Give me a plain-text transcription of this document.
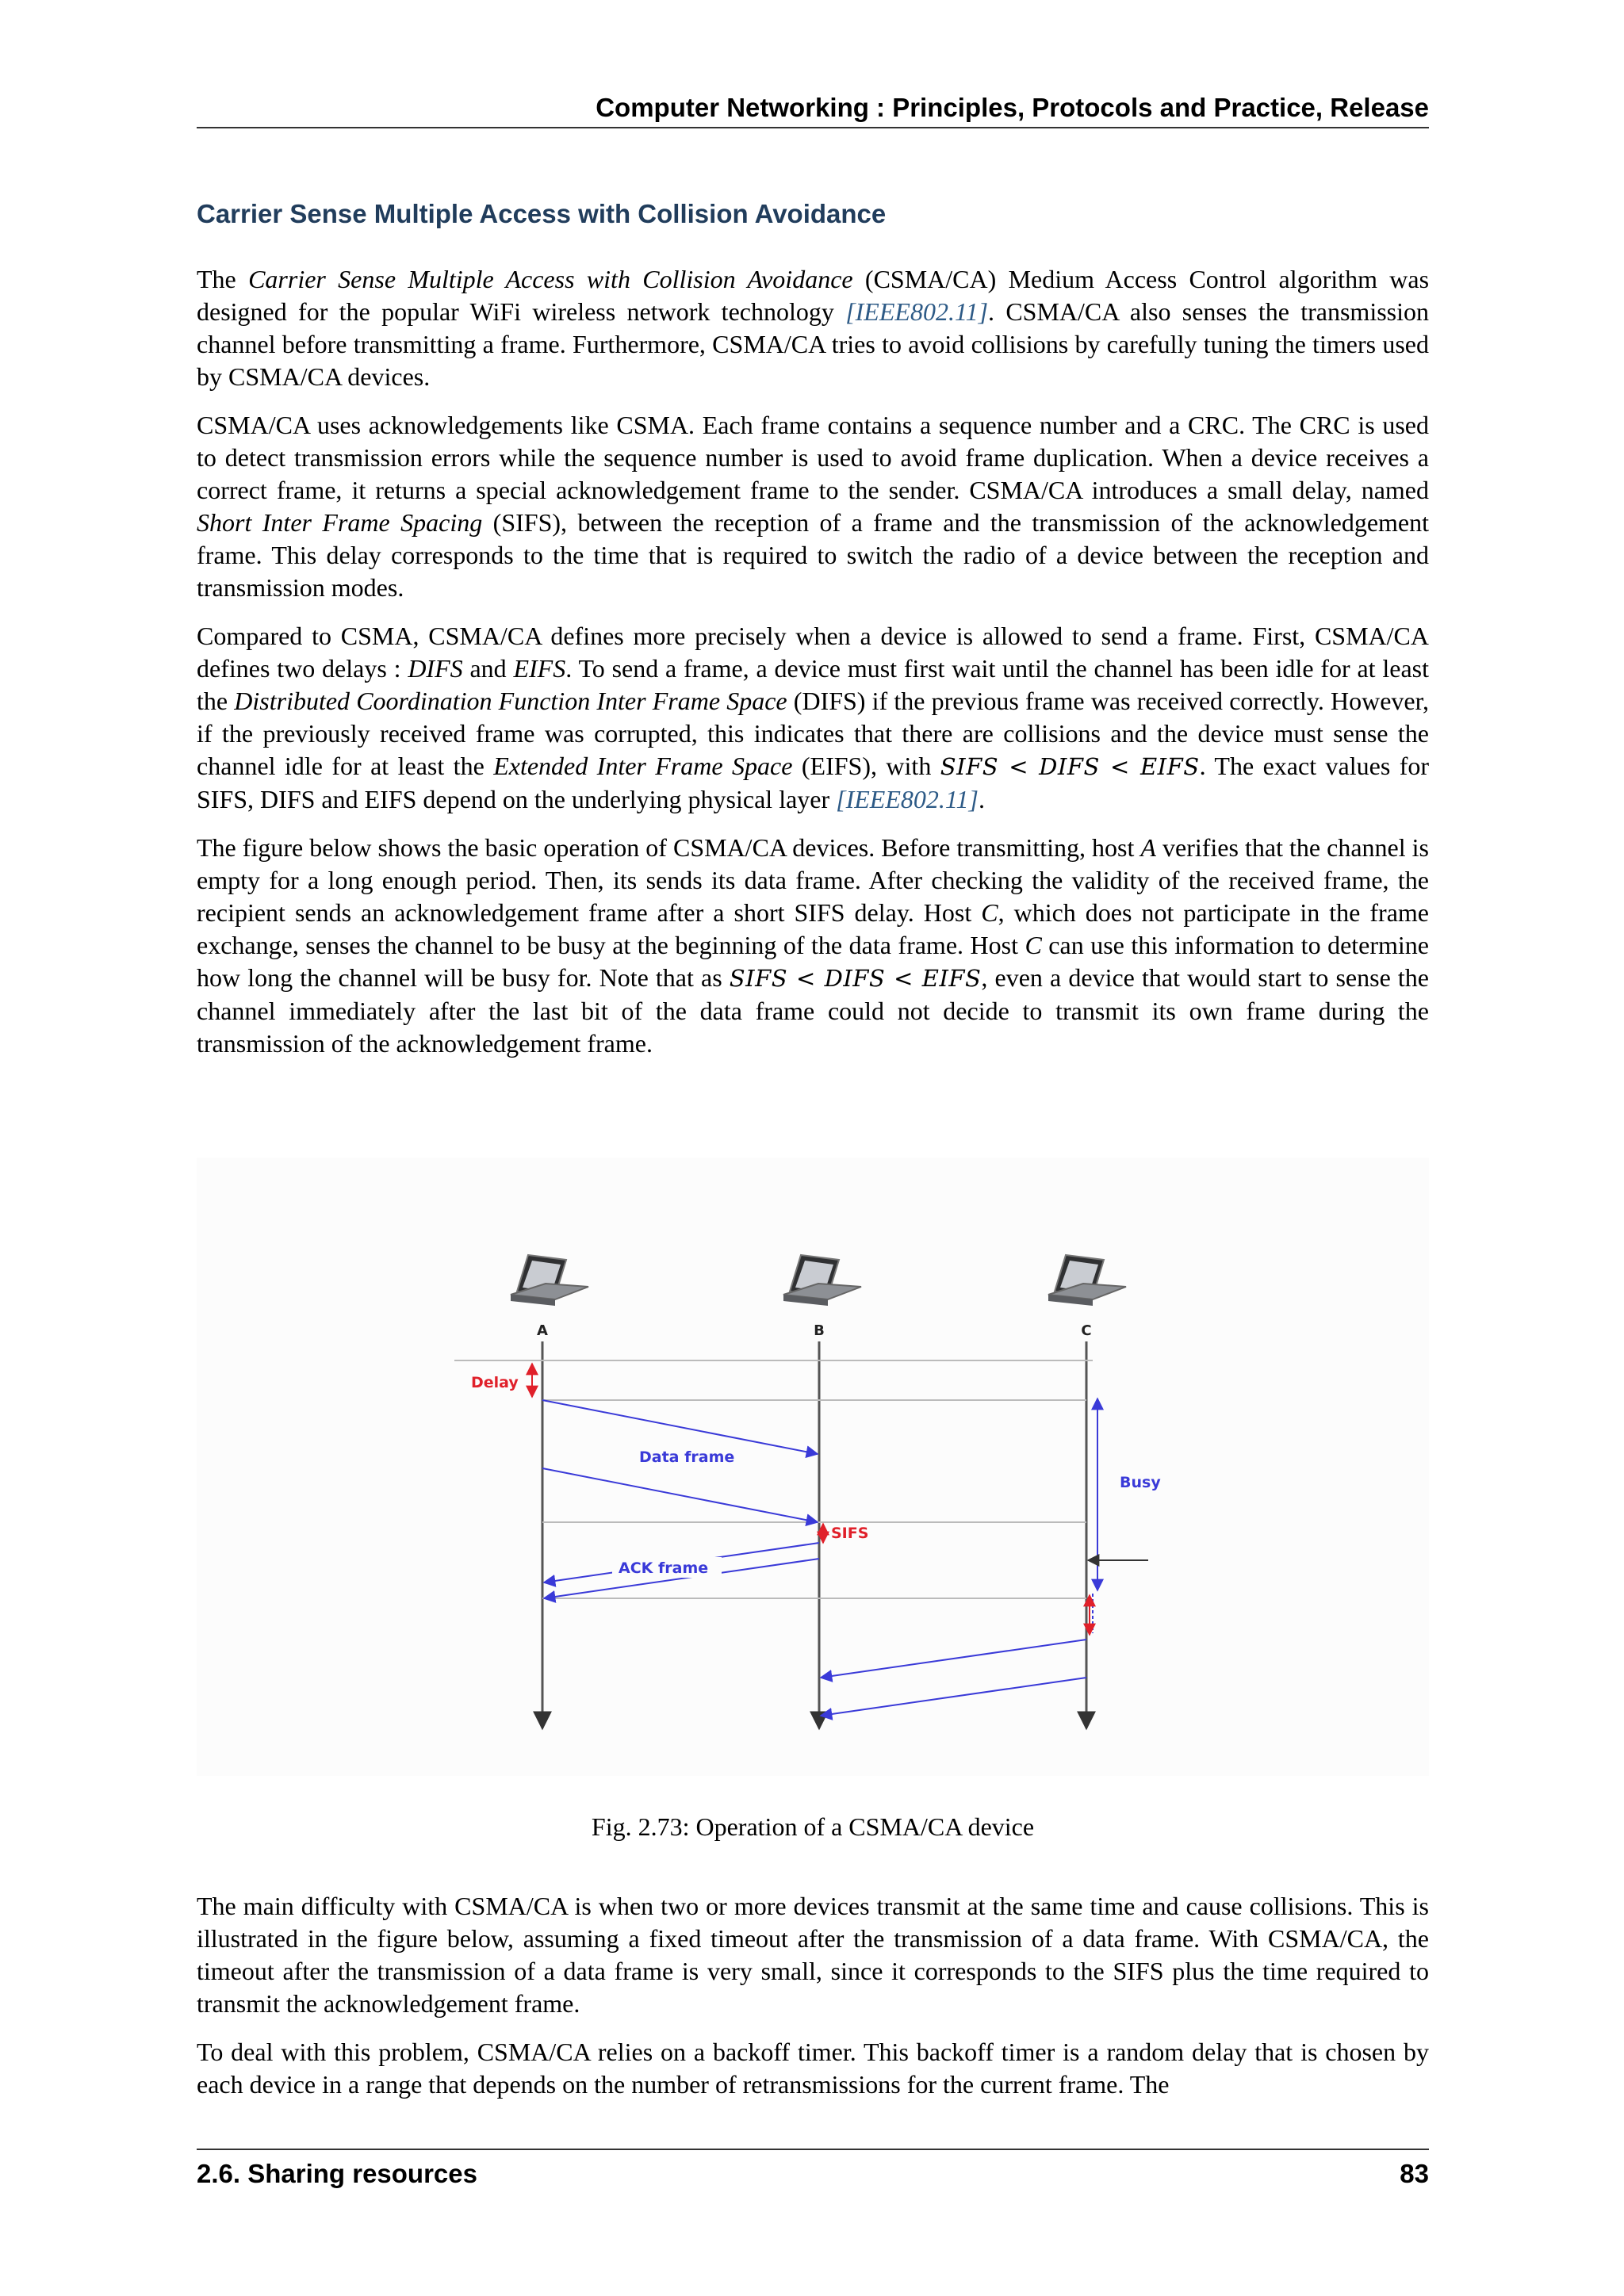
Computer Networking : Principles, Protocols and Practice, Release
Carrier Sense Multiple Access with Collision Avoidance

The Carrier Sense Multiple Access with Collision Avoidance (CSMA/CA) Medium Access Control algorithm was designed for the popular WiFi wireless network technology [IEEE802.11]. CSMA/CA also senses the transmission channel before transmitting a frame. Furthermore, CSMA/CA tries to avoid collisions by carefully tuning the timers used by CSMA/CA devices.

CSMA/CA uses acknowledgements like CSMA. Each frame contains a sequence number and a CRC. The CRC is used to detect transmission errors while the sequence number is used to avoid frame duplication. When a device receives a correct frame, it returns a special acknowledgement frame to the sender. CSMA/CA introduces a small delay, named Short Inter Frame Spacing (SIFS), between the reception of a frame and the transmission of the acknowledgement frame. This delay corresponds to the time that is required to switch the radio of a device between the reception and transmission modes.

Compared to CSMA, CSMA/CA defines more precisely when a device is allowed to send a frame. First, CSMA/CA defines two delays : DIFS and EIFS. To send a frame, a device must first wait until the channel has been idle for at least the Distributed Coordination Function Inter Frame Space (DIFS) if the previous frame was received correctly. However, if the previously received frame was corrupted, this indicates that there are collisions and the device must sense the channel idle for at least the Extended Inter Frame Space (EIFS), with SIFS < DIFS < EIFS. The exact values for SIFS, DIFS and EIFS depend on the underlying physical layer [IEEE802.11].

The figure below shows the basic operation of CSMA/CA devices. Before transmitting, host A verifies that the channel is empty for a long enough period. Then, its sends its data frame. After checking the validity of the received frame, the recipient sends an acknowledgement frame after a short SIFS delay. Host C, which does not participate in the frame exchange, senses the channel to be busy at the beginning of the data frame. Host C can use this information to determine how long the channel will be busy for. Note that as SIFS < DIFS < EIFS, even a device that would start to sense the channel immediately after the last bit of the data frame could not decide to transmit its own frame during the transmission of the acknowledgement frame.

A	B	C
Delay
Data frame
Busy
SIFS
ACK frame
Fig. 2.73: Operation of a CSMA/CA device

The main difficulty with CSMA/CA is when two or more devices transmit at the same time and cause collisions. This is illustrated in the figure below, assuming a fixed timeout after the transmission of a data frame. With CSMA/CA, the timeout after the transmission of a data frame is very small, since it corresponds to the SIFS plus the time required to transmit the acknowledgement frame.

To deal with this problem, CSMA/CA relies on a backoff timer. This backoff timer is a random delay that is chosen by each device in a range that depends on the number of retransmissions for the current frame. The

2.6. Sharing resources	83
